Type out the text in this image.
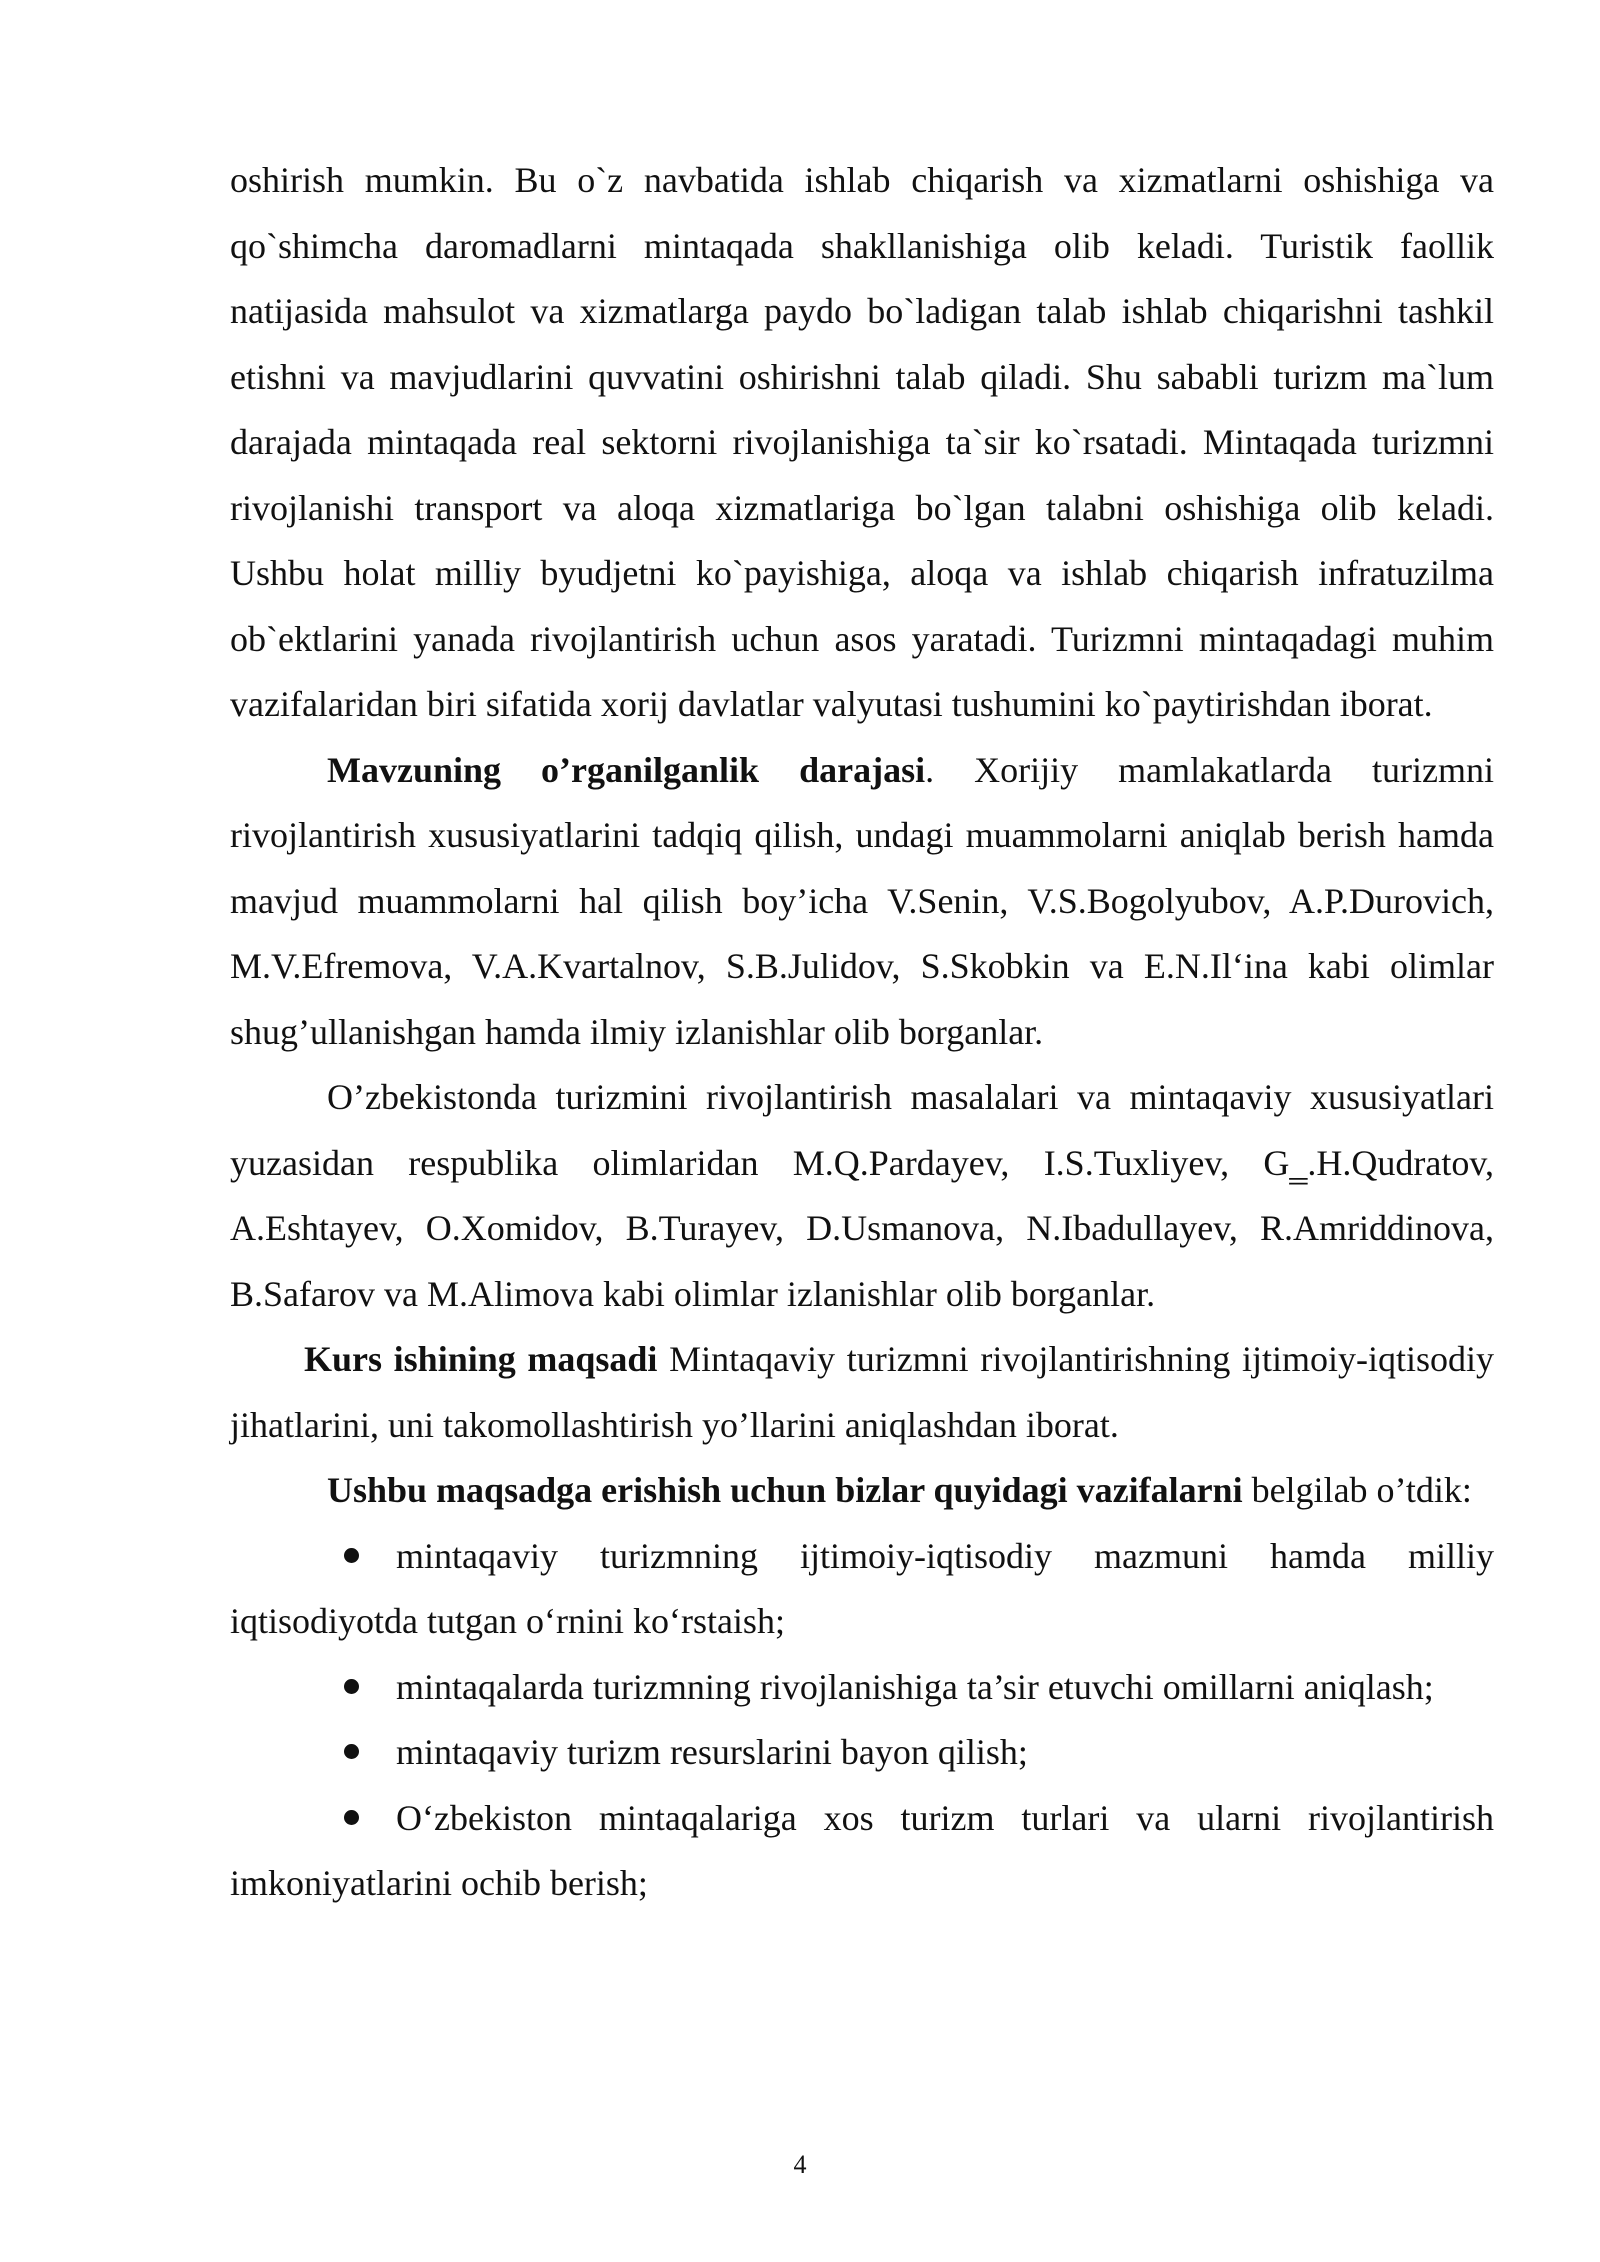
oshirish mumkin. Bu o`z navbatida ishlab chiqarish va xizmatlarni oshishiga va qo`shimcha daromadlarni mintaqada shakllanishiga olib keladi. Turistik faollik natijasida mahsulot va xizmatlarga paydo bo`ladigan talab ishlab chiqarishni tashkil etishni va mavjudlarini quvvatini oshirishni talab qiladi. Shu sababli turizm ma`lum darajada mintaqada real sektorni rivojlanishiga ta`sir ko`rsatadi. Mintaqada turizmni rivojlanishi transport va aloqa xizmatlariga bo`lgan talabni oshishiga olib keladi. Ushbu holat milliy byudjetni ko`payishiga, aloqa va ishlab chiqarish infratuzilma ob`ektlarini yanada rivojlantirish uchun asos yaratadi. Turizmni mintaqadagi muhim vazifalaridan biri sifatida xorij davlatlar valyutasi tushumini ko`paytirishdan iborat.

Mavzuning o’rganilganlik darajasi. Xorijiy mamlakatlarda turizmni rivojlantirish xususiyatlarini tadqiq qilish, undagi muammolarni aniqlab berish hamda mavjud muammolarni hal qilish boy’icha V.Senin, V.S.Bogolyubov, A.P.Durovich, M.V.Efremova, V.A.Kvartalnov, S.B.Julidov, S.Skobkin va E.N.Il‘ina kabi olimlar shug’ullanishgan hamda ilmiy izlanishlar olib borganlar.

O’zbekistonda turizmini rivojlantirish masalalari va mintaqaviy xususiyatlari yuzasidan respublika olimlaridan M.Q.Pardayev, I.S.Tuxliyev, G‗.H.Qudratov, A.Eshtayev, O.Xomidov, B.Turayev, D.Usmanova, N.Ibadullayev, R.Amriddinova, B.Safarov va M.Alimova kabi olimlar izlanishlar olib borganlar.

Kurs ishining maqsadi Mintaqaviy turizmni rivojlantirishning ijtimoiy-iqtisodiy jihatlarini, uni takomollashtirish yo’llarini aniqlashdan iborat.

Ushbu maqsadga erishish uchun bizlar quyidagi vazifalarni belgilab o’tdik:

mintaqaviy turizmning ijtimoiy-iqtisodiy mazmuni hamda milliy iqtisodiyotda tutgan o‘rnini ko‘rstaish;

mintaqalarda turizmning rivojlanishiga ta’sir etuvchi omillarni aniqlash;

mintaqaviy turizm resurslarini bayon qilish;

O‘zbekiston mintaqalariga xos turizm turlari va ularni rivojlantirish imkoniyatlarini ochib berish;

4
